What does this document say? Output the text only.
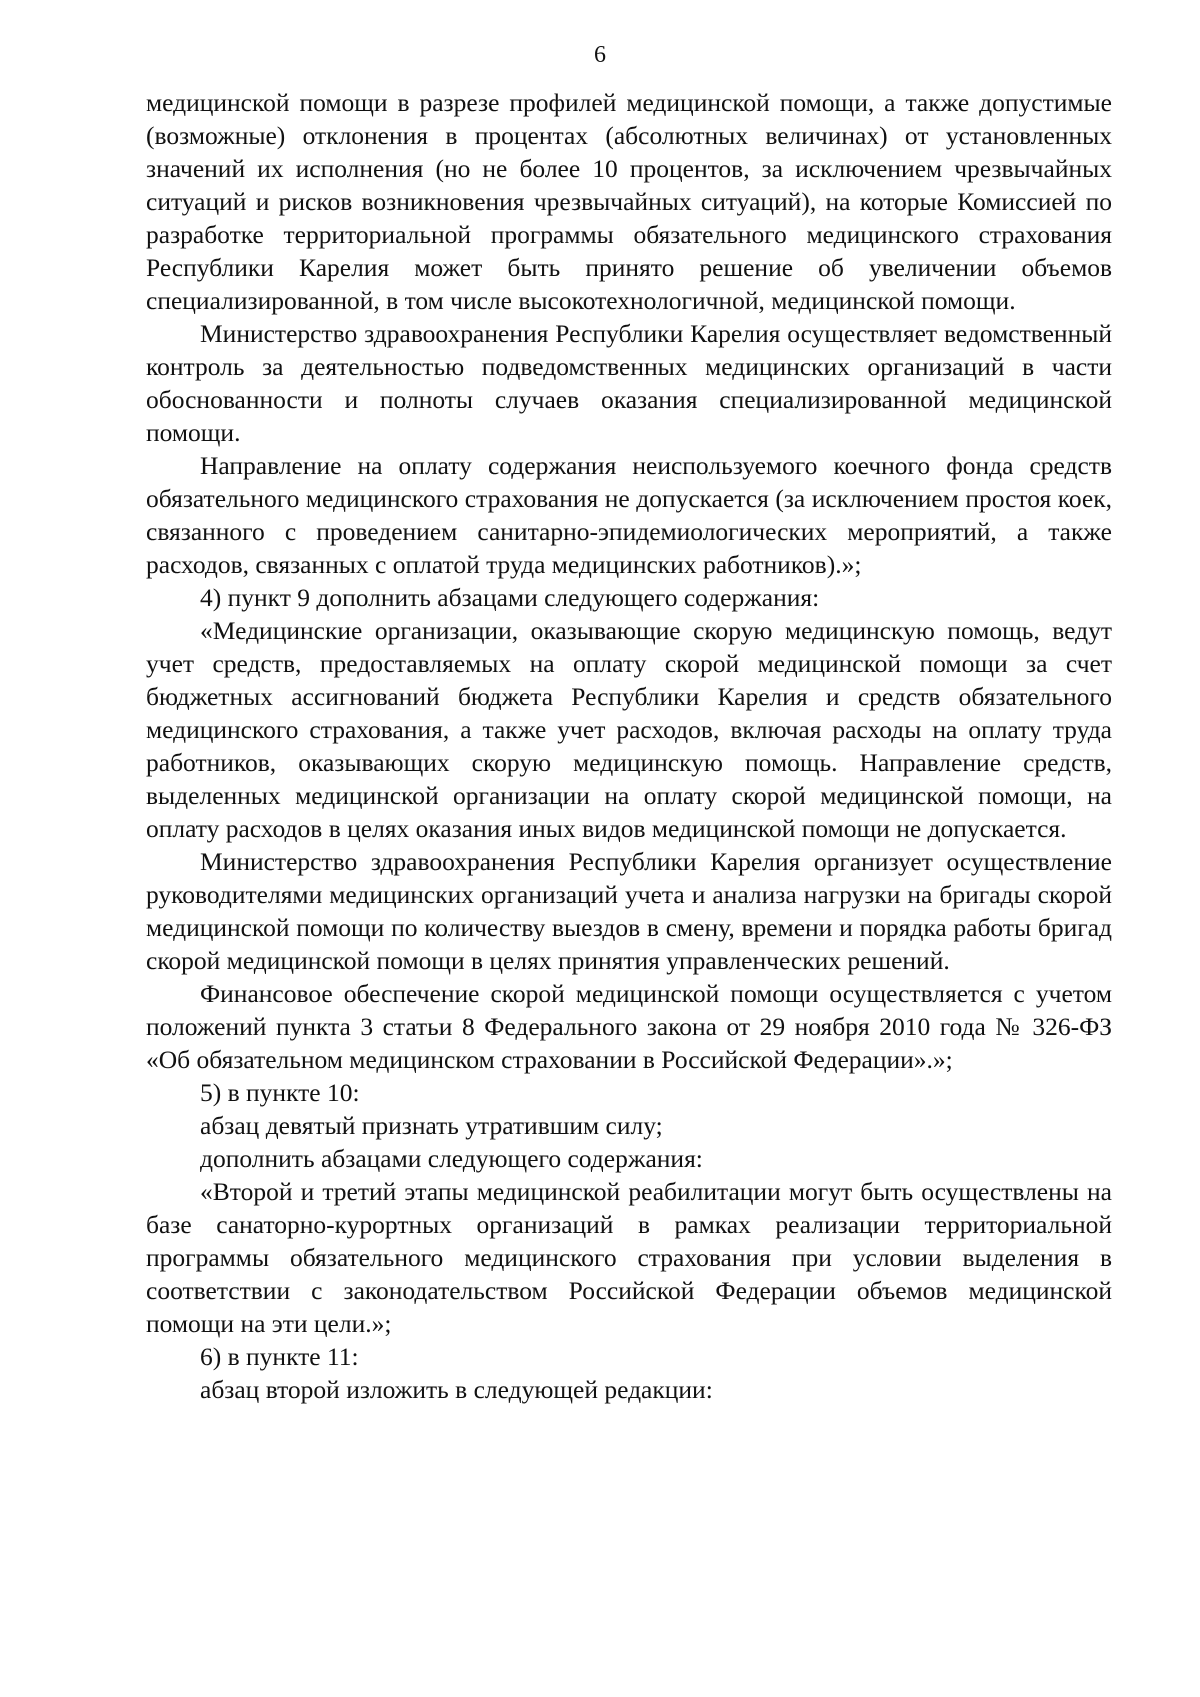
6

медицинской помощи в разрезе профилей медицинской помощи, а также допустимые (возможные) отклонения в процентах (абсолютных величинах) от установленных значений их исполнения (но не более 10 процентов, за исключением чрезвычайных ситуаций и рисков возникновения чрезвычайных ситуаций), на которые Комиссией по разработке территориальной программы обязательного медицинского страхования Республики Карелия может быть принято решение об увеличении объемов специализированной, в том числе высокотехнологичной, медицинской помощи.

Министерство здравоохранения Республики Карелия осуществляет ведомственный контроль за деятельностью подведомственных медицинских организаций в части обоснованности и полноты случаев оказания специализированной медицинской помощи.

Направление на оплату содержания неиспользуемого коечного фонда средств обязательного медицинского страхования не допускается (за исключением простоя коек, связанного с проведением санитарно-эпидемиологических мероприятий, а также расходов, связанных с оплатой труда медицинских работников).»;

4) пункт 9 дополнить абзацами следующего содержания:

«Медицинские организации, оказывающие скорую медицинскую помощь, ведут учет средств, предоставляемых на оплату скорой медицинской помощи за счет бюджетных ассигнований бюджета Республики Карелия и средств обязательного медицинского страхования, а также учет расходов, включая расходы на оплату труда работников, оказывающих скорую медицинскую помощь. Направление средств, выделенных медицинской организации на оплату скорой медицинской помощи, на оплату расходов в целях оказания иных видов медицинской помощи не допускается.

Министерство здравоохранения Республики Карелия организует осуществление руководителями медицинских организаций учета и анализа нагрузки на бригады скорой медицинской помощи по количеству выездов в смену, времени и порядка работы бригад скорой медицинской помощи в целях принятия управленческих решений.

Финансовое обеспечение скорой медицинской помощи осуществляется с учетом положений пункта 3 статьи 8 Федерального закона от 29 ноября 2010 года № 326-ФЗ «Об обязательном медицинском страховании в Российской Федерации».»;

5) в пункте 10:

абзац девятый признать утратившим силу;

дополнить абзацами следующего содержания:

«Второй и третий этапы медицинской реабилитации могут быть осуществлены на базе санаторно-курортных организаций в рамках реализации территориальной программы обязательного медицинского страхования при условии выделения в соответствии с законодательством Российской Федерации объемов медицинской помощи на эти цели.»;

6) в пункте 11:

абзац второй изложить в следующей редакции:
